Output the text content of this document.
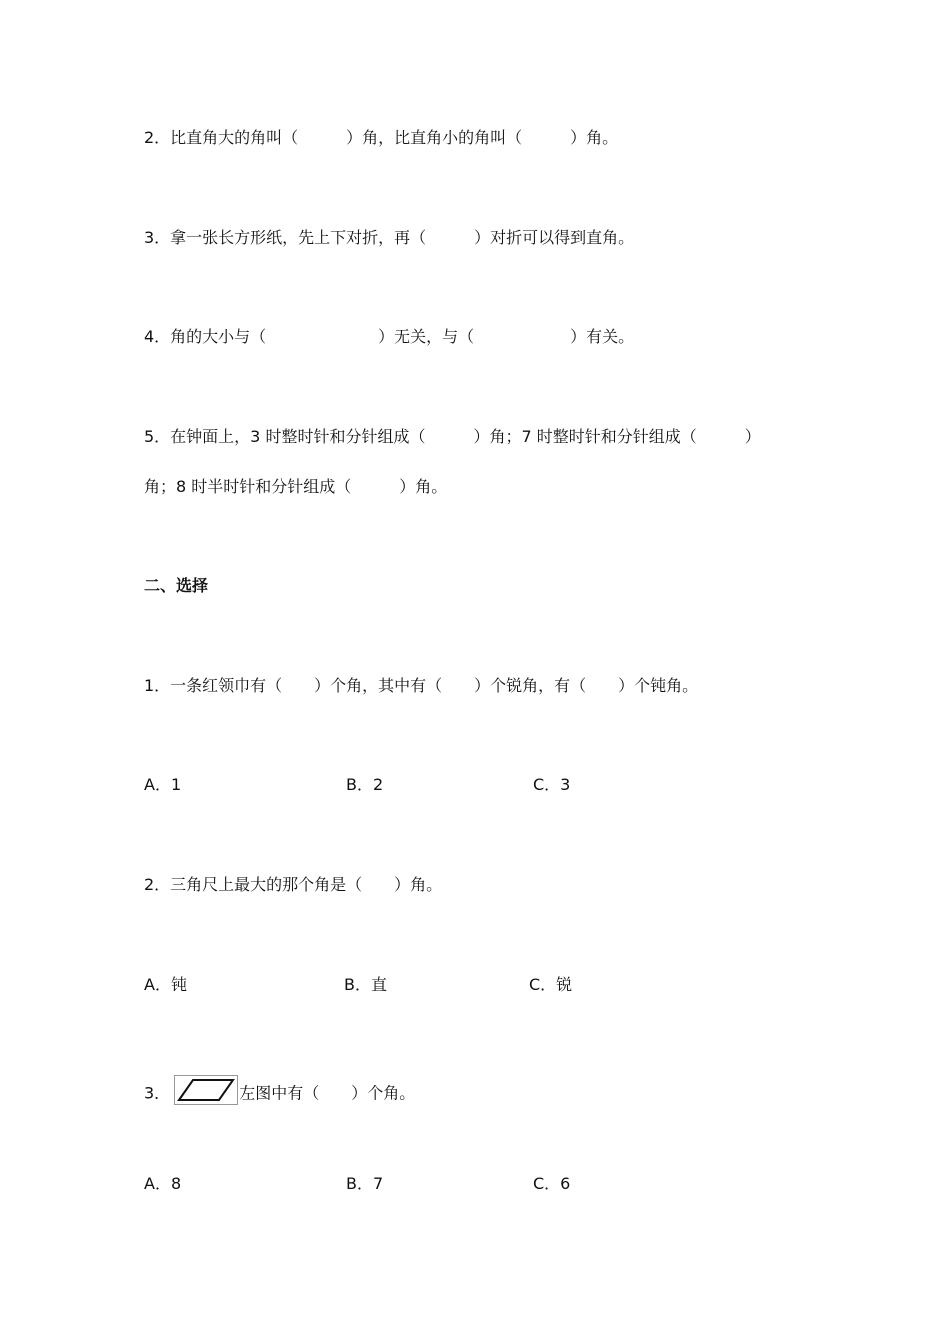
2．比直角大的角叫（　　　）角，比直角小的角叫（　　　）角。
3．拿一张长方形纸，先上下对折，再（　　　）对折可以得到直角。
4．角的大小与（　　　　　　　）无关，与（　　　　　　）有关。
5．在钟面上，3 时整时针和分针组成（　　　）角；7 时整时针和分针组成（　　　）
角；8 时半时针和分针组成（　　　）角。
二、选择
1．一条红领巾有（　　）个角，其中有（　　）个锐角，有（　　）个钝角。
A．1	B．2	C．3
2．三角尺上最大的那个角是（　　）角。
A．钝	B．直	C．锐
3．	左图中有（　　）个角。
A．8	B．7	C．6
